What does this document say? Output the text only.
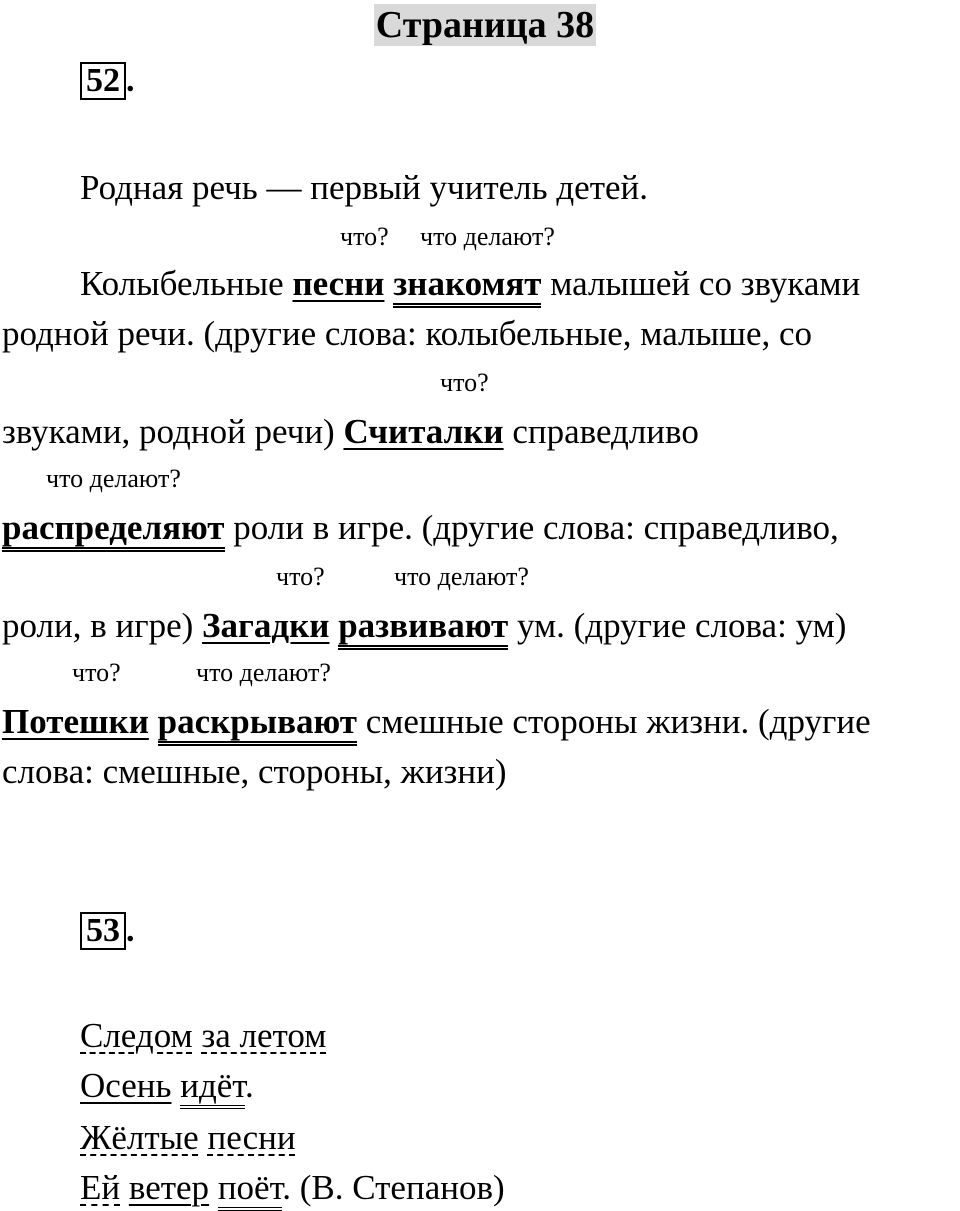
Страница 38
52 .
Родная речь — первый учитель детей.
что? что делают?
Колыбельные песни знакомят малышей со звуками
родной речи. (другие слова: колыбельные, малыше, со
что?
звуками, родной речи) Считалки справедливо
что делают?
распределяют роли в игре. (другие слова: справедливо,
что?	что делают?
роли, в игре) Загадки развивают ум. (другие слова: ум)
что?	что делают?
Потешки раскрывают смешные стороны жизни. (другие
слова: смешные, стороны, жизни)
53 .
Следом за летом
Осень идёт.
Жёлтые песни
Ей ветер поёт. (В. Степанов)
